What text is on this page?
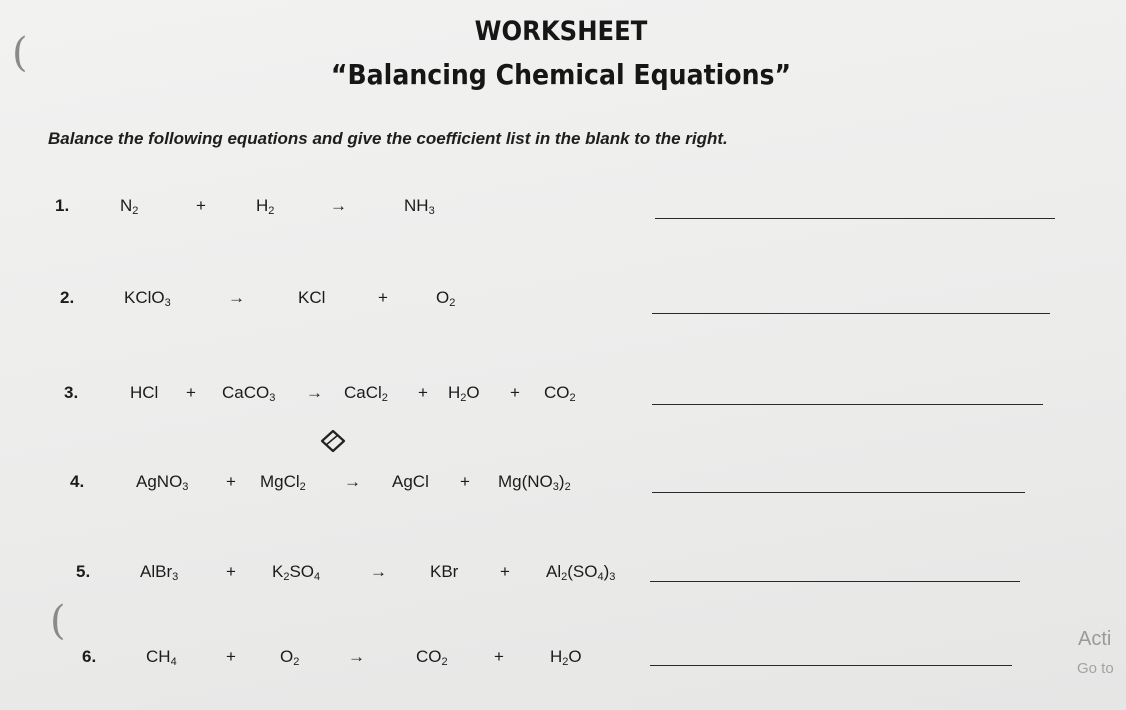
(
(
WORKSHEET
“Balancing Chemical Equations”
Balance the following equations and give the coefficient list in the blank to the right.
1.	$N_2$	+	$H_2$	→	$NH_3$
2.	KClO$_3$	→	KCl	+	$O_2$
3.	HCl + CaCO$_3$ → CaCl$_2$ + $H_2O + CO_2$
4.	AgNO$_3$ + MgCl$_2$ → AgCl + $Mg(NO_3)_2$
5.	AlBr$_3$	+ $K_2SO_4$	→	KBr + $Al_2(SO_4)_3$
6.	$CH_4$	+	$O_2$	→	$CO_2$	+	$H_2O$
Acti
Go to
